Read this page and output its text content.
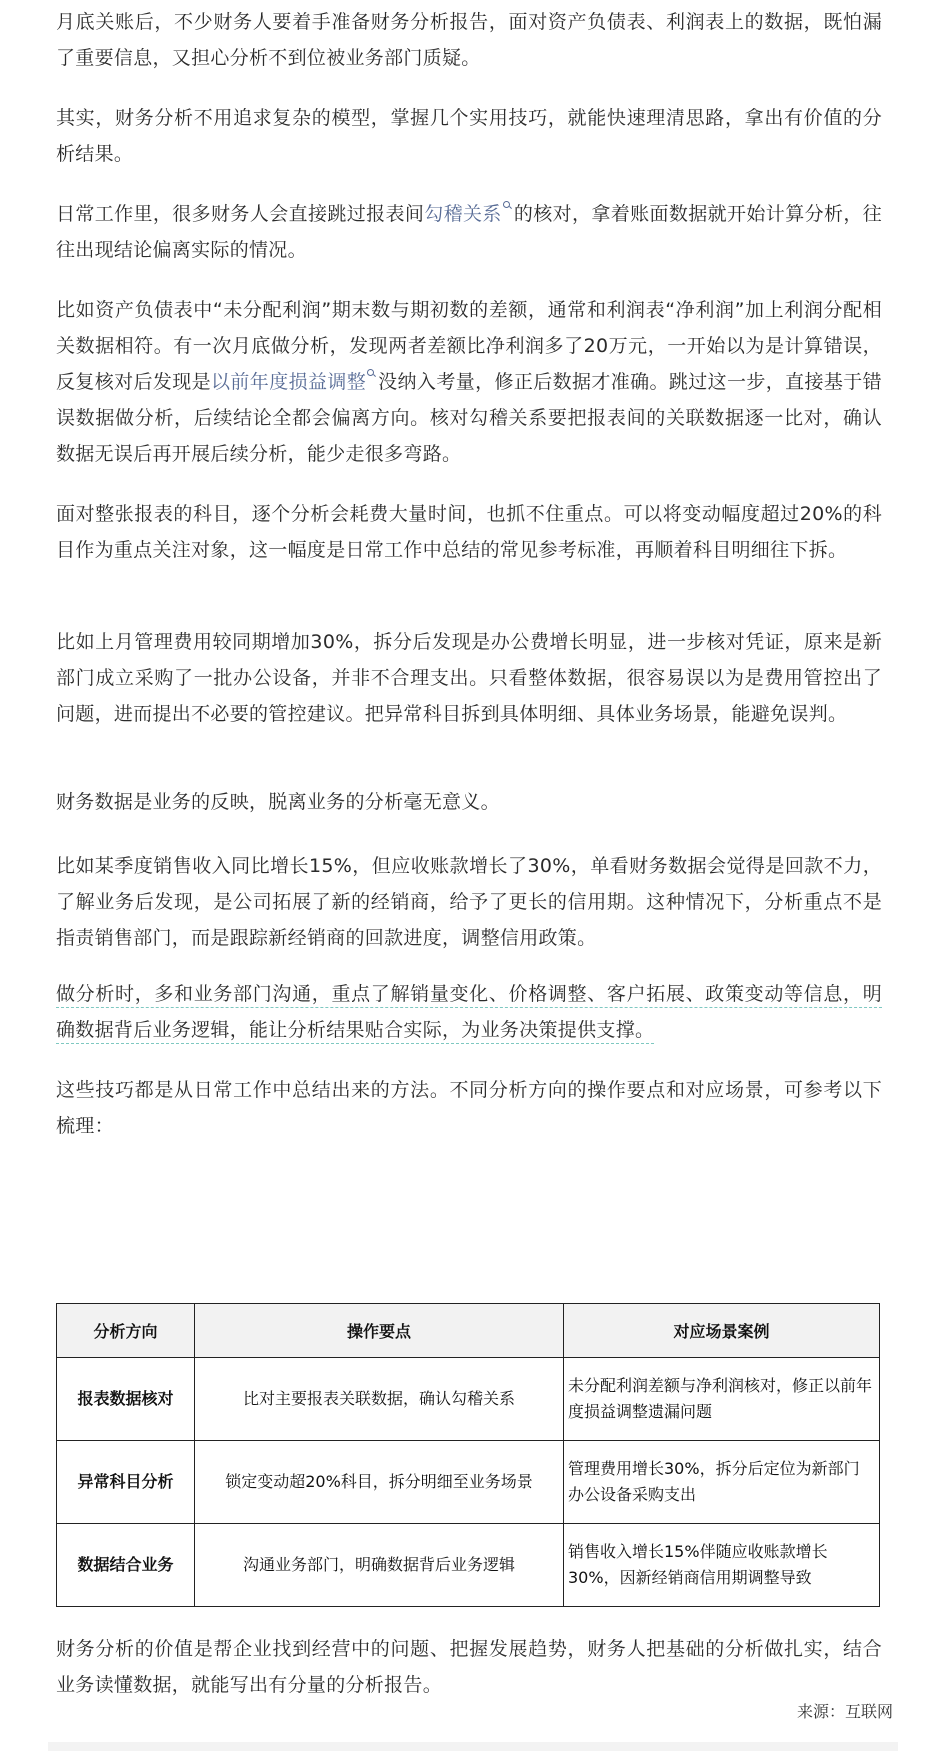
月底关账后，不少财务人要着手准备财务分析报告，面对资产负债表、利润表上的数据，既怕漏了重要信息，又担心分析不到位被业务部门质疑。

其实，财务分析不用追求复杂的模型，掌握几个实用技巧，就能快速理清思路，拿出有价值的分析结果。

日常工作里，很多财务人会直接跳过报表间勾稽关系 的核对，拿着账面数据就开始计算分析，往往出现结论偏离实际的情况。

比如资产负债表中“未分配利润”期末数与期初数的差额，通常和利润表“净利润”加上利润分配相关数据相符。有一次月底做分析，发现两者差额比净利润多了20万元，一开始以为是计算错误，反复核对后发现是以前年度损益调整 没纳入考量，修正后数据才准确。跳过这一步，直接基于错误数据做分析，后续结论全都会偏离方向。核对勾稽关系要把报表间的关联数据逐一比对，确认数据无误后再开展后续分析，能少走很多弯路。

面对整张报表的科目，逐个分析会耗费大量时间，也抓不住重点。可以将变动幅度超过20%的科目作为重点关注对象，这一幅度是日常工作中总结的常见参考标准，再顺着科目明细往下拆。

比如上月管理费用较同期增加30%，拆分后发现是办公费增长明显，进一步核对凭证，原来是新部门成立采购了一批办公设备，并非不合理支出。只看整体数据，很容易误以为是费用管控出了问题，进而提出不必要的管控建议。把异常科目拆到具体明细、具体业务场景，能避免误判。

财务数据是业务的反映，脱离业务的分析毫无意义。

比如某季度销售收入同比增长15%，但应收账款增长了30%，单看财务数据会觉得是回款不力，了解业务后发现，是公司拓展了新的经销商，给予了更长的信用期。这种情况下，分析重点不是指责销售部门，而是跟踪新经销商的回款进度，调整信用政策。

做分析时，多和业务部门沟通，重点了解销量变化、价格调整、客户拓展、政策变动等信息，明确数据背后业务逻辑，能让分析结果贴合实际，为业务决策提供支撑。

这些技巧都是从日常工作中总结出来的方法。不同分析方向的操作要点和对应场景，可参考以下梳理：

分析方向	操作要点	对应场景案例
报表数据核对	比对主要报表关联数据，确认勾稽关系	未分配利润差额与净利润核对，修正以前年度损益调整遗漏问题
异常科目分析	锁定变动超20%科目，拆分明细至业务场景	管理费用增长30%，拆分后定位为新部门办公设备采购支出
数据结合业务	沟通业务部门，明确数据背后业务逻辑	销售收入增长15%伴随应收账款增长30%，因新经销商信用期调整导致

财务分析的价值是帮企业找到经营中的问题、把握发展趋势，财务人把基础的分析做扎实，结合业务读懂数据，就能写出有分量的分析报告。

来源：互联网
